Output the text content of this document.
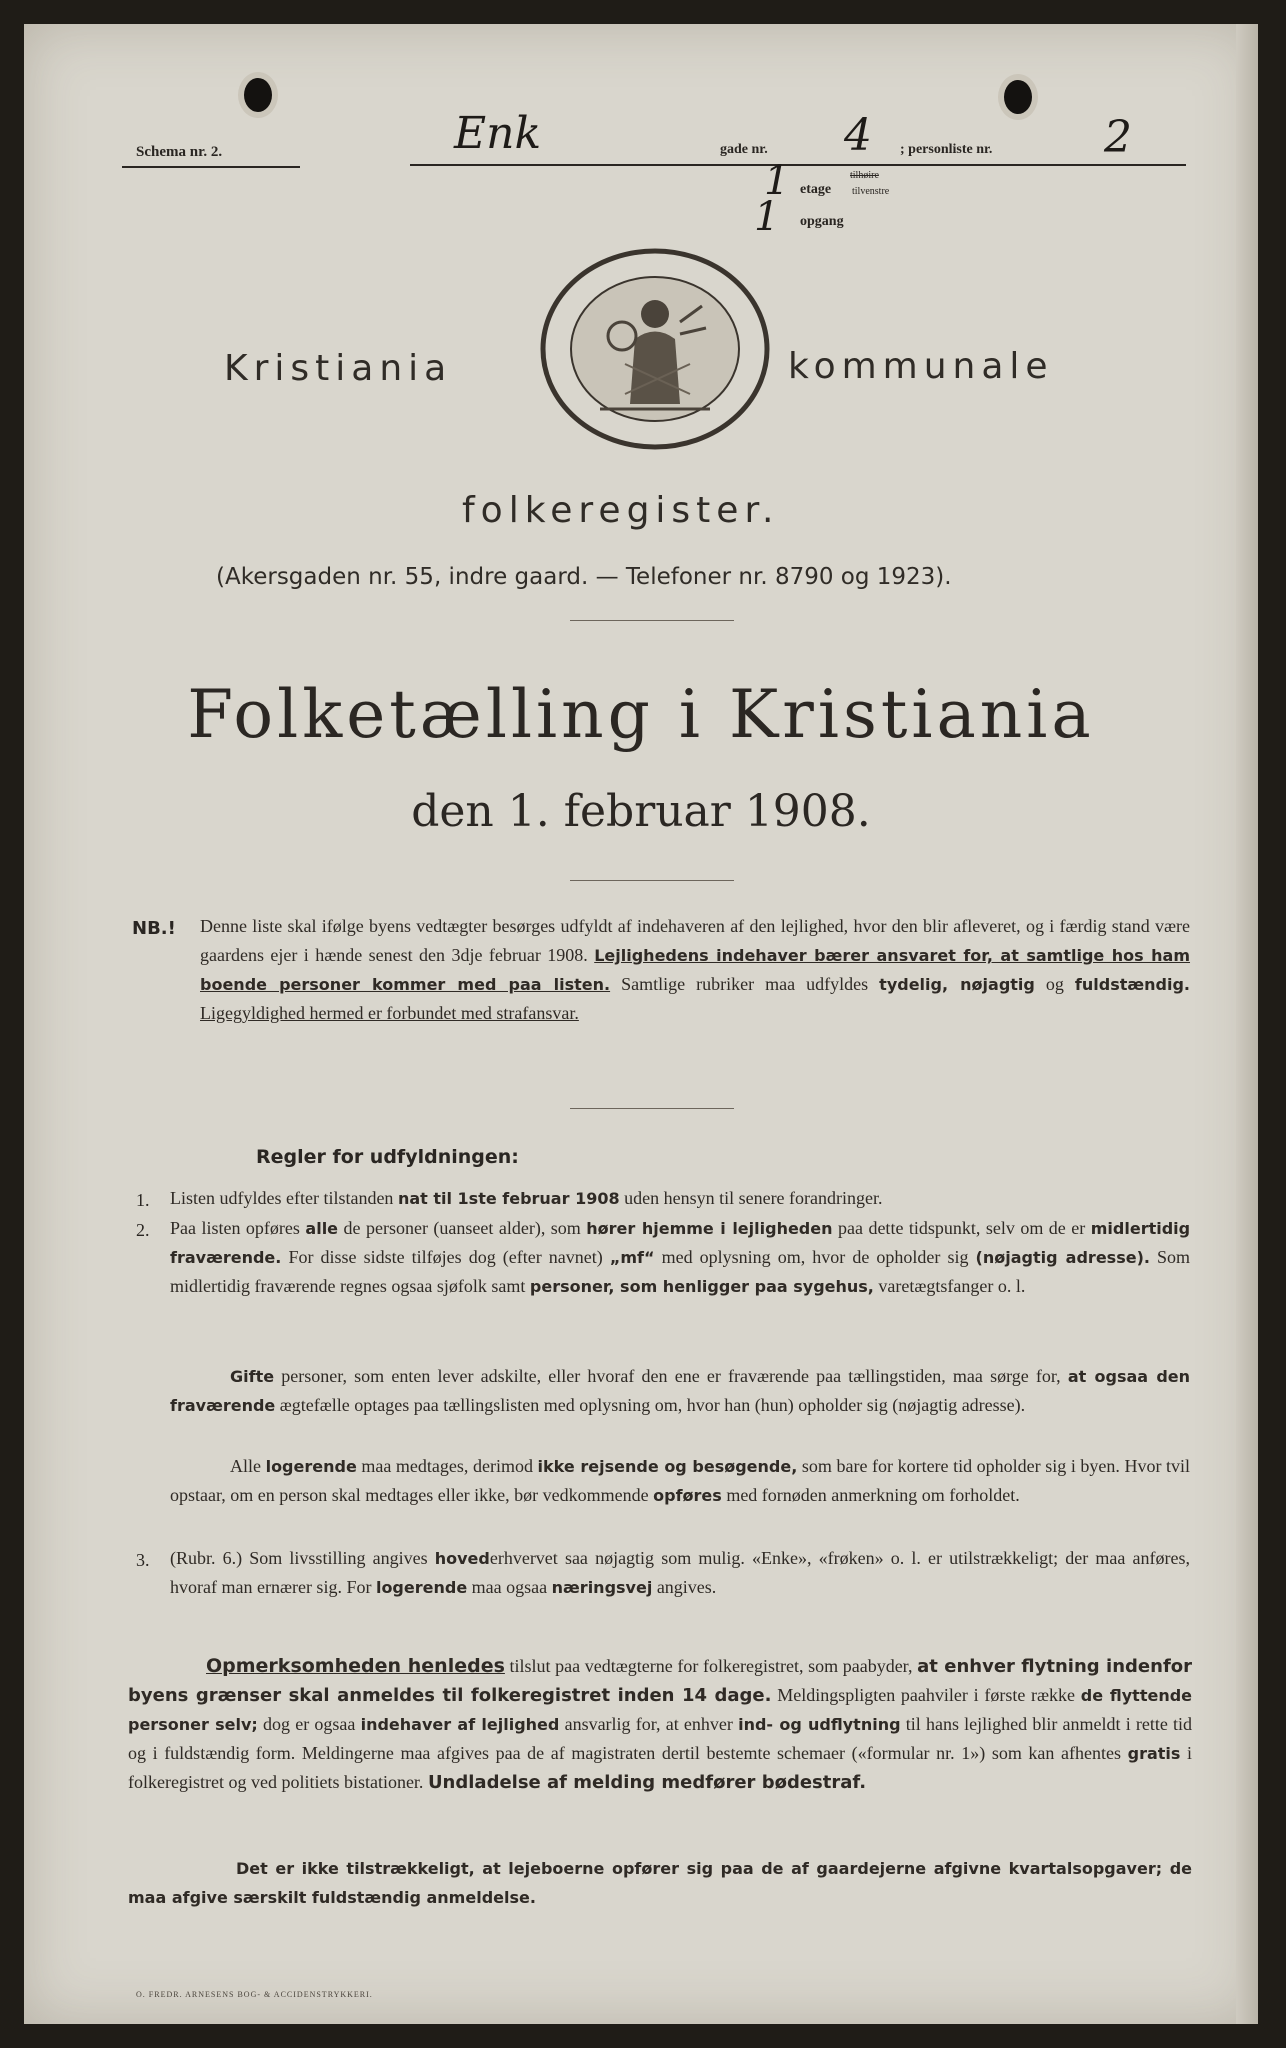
Schema nr. 2.	Enk	gade nr. 4 ; personliste nr.	2
1 etage
tilhøire
tilvenstre
1 opgang
Kristiania	kommunale
folkeregister.
(Akersgaden nr. 55, indre gaard. — Telefoner nr. 8790 og 1923).
Folketælling i Kristiania
den 1. februar 1908.
NB.! Denne liste skal ifølge byens vedtægter besørges udfyldt af indehaveren af den lejlighed, hvor den blir afleveret, og i færdig stand være gaardens ejer i hænde senest den 3dje februar 1908. Lejlighedens indehaver bærer ansvaret for, at samtlige hos ham boende personer kommer med paa listen. Samtlige rubriker maa udfyldes tydelig, nøjagtig og fuldstændig. Ligegyldighed hermed er forbundet med strafansvar.
Regler for udfyldningen:
1. Listen udfyldes efter tilstanden nat til 1ste februar 1908 uden hensyn til senere forandringer.
2. Paa listen opføres alle de personer (uanseet alder), som hører hjemme i lejligheden paa dette tidspunkt, selv om de er midlertidig fraværende. For disse sidste tilføjes dog (efter navnet) „mf“ med oplysning om, hvor de opholder sig (nøjagtig adresse). Som midlertidig fraværende regnes ogsaa sjøfolk samt personer, som henligger paa sygehus, varetægtsfanger o. l.
Gifte personer, som enten lever adskilte, eller hvoraf den ene er fraværende paa tællingstiden, maa sørge for, at ogsaa den fraværende ægtefælle optages paa tællingslisten med oplysning om, hvor han (hun) opholder sig (nøjagtig adresse).
Alle logerende maa medtages, derimod ikke rejsende og besøgende, som bare for kortere tid opholder sig i byen. Hvor tvil opstaar, om en person skal medtages eller ikke, bør vedkommende opføres med fornøden anmerkning om forholdet.
3. (Rubr. 6.) Som livsstilling angives hovederhvervet saa nøjagtig som mulig. «Enke», «frøken» o. l. er utilstrækkeligt; der maa anføres, hvoraf man ernærer sig. For logerende maa ogsaa næringsvej angives.
Opmerksomheden henledes tilslut paa vedtægterne for folkeregistret, som paabyder, at enhver flytning indenfor byens grænser skal anmeldes til folkeregistret inden 14 dage. Meldingspligten paahviler i første række de flyttende personer selv; dog er ogsaa indehaver af lejlighed ansvarlig for, at enhver ind- og udflytning til hans lejlighed blir anmeldt i rette tid og i fuldstændig form. Meldingerne maa afgives paa de af magistraten dertil bestemte schemaer («formular nr. 1») som kan afhentes gratis i folkeregistret og ved politiets bistationer. Undladelse af melding medfører bødestraf.
Det er ikke tilstrækkeligt, at lejeboerne opfører sig paa de af gaardejerne afgivne kvartalsopgaver; de maa afgive særskilt fuldstændig anmeldelse.
O. FREDR. ARNESENS BOG- & ACCIDENSTRYKKERI.
